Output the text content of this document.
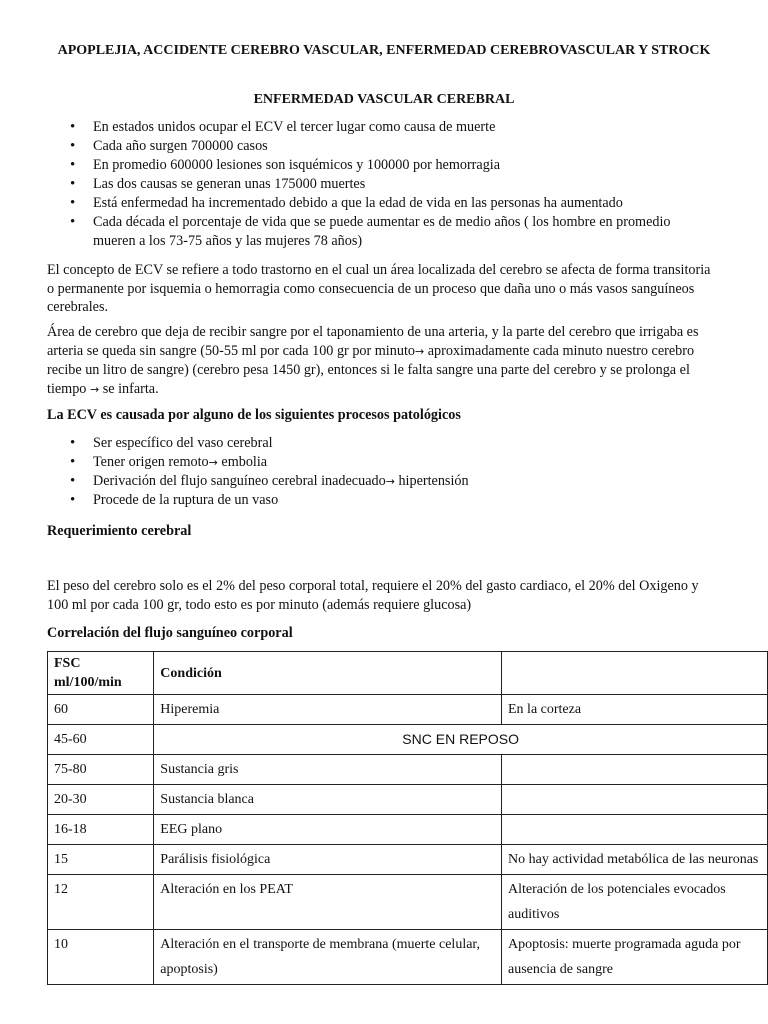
APOPLEJIA, ACCIDENTE CEREBRO VASCULAR, ENFERMEDAD CEREBROVASCULAR Y STROCK
ENFERMEDAD VASCULAR CEREBRAL
• En estados unidos ocupar el ECV el tercer lugar como causa de muerte
• Cada año surgen 700000 casos
• En promedio 600000 lesiones son isquémicos y 100000 por hemorragia
• Las dos causas se generan unas 175000 muertes
• Está enfermedad ha incrementado debido a que la edad de vida en las personas ha aumentado
• Cada década el porcentaje de vida que se puede aumentar es de medio años ( los hombre en promedio mueren a los 73-75 años y las mujeres 78 años)

El concepto de ECV se refiere a todo trastorno en el cual un área localizada del cerebro se afecta de forma transitoria o permanente por isquemia o hemorragia como consecuencia de un proceso que daña uno o más vasos sanguíneos cerebrales.

Área de cerebro que deja de recibir sangre por el taponamiento de una arteria, y la parte del cerebro que irrigaba es arteria se queda sin sangre (50-55 ml por cada 100 gr por minuto→ aproximadamente cada minuto nuestro cerebro recibe un litro de sangre) (cerebro pesa 1450 gr), entonces si le falta sangre una parte del cerebro y se prolonga el tiempo → se infarta.

La ECV es causada por alguno de los siguientes procesos patológicos

• Ser específico del vaso cerebral
• Tener origen remoto→ embolia
• Derivación del flujo sanguíneo cerebral inadecuado→ hipertensión
• Procede de la ruptura de un vaso

Requerimiento cerebral

El peso del cerebro solo es el 2% del peso corporal total, requiere el 20% del gasto cardiaco, el 20% del Oxigeno y 100 ml por cada 100 gr, todo esto es por minuto (además requiere glucosa)

Correlación del flujo sanguíneo corporal

FSC ml/100/min	Condición	
60	Hiperemia	En la corteza
45-60	SNC EN REPOSO	
75-80	Sustancia gris	
20-30	Sustancia blanca	
16-18	EEG plano	
15	Parálisis fisiológica	No hay actividad metabólica de las neuronas
12	Alteración en los PEAT	Alteración de los potenciales evocados auditivos
10	Alteración en el transporte de membrana (muerte celular, apoptosis)	Apoptosis: muerte programada aguda por ausencia de sangre
